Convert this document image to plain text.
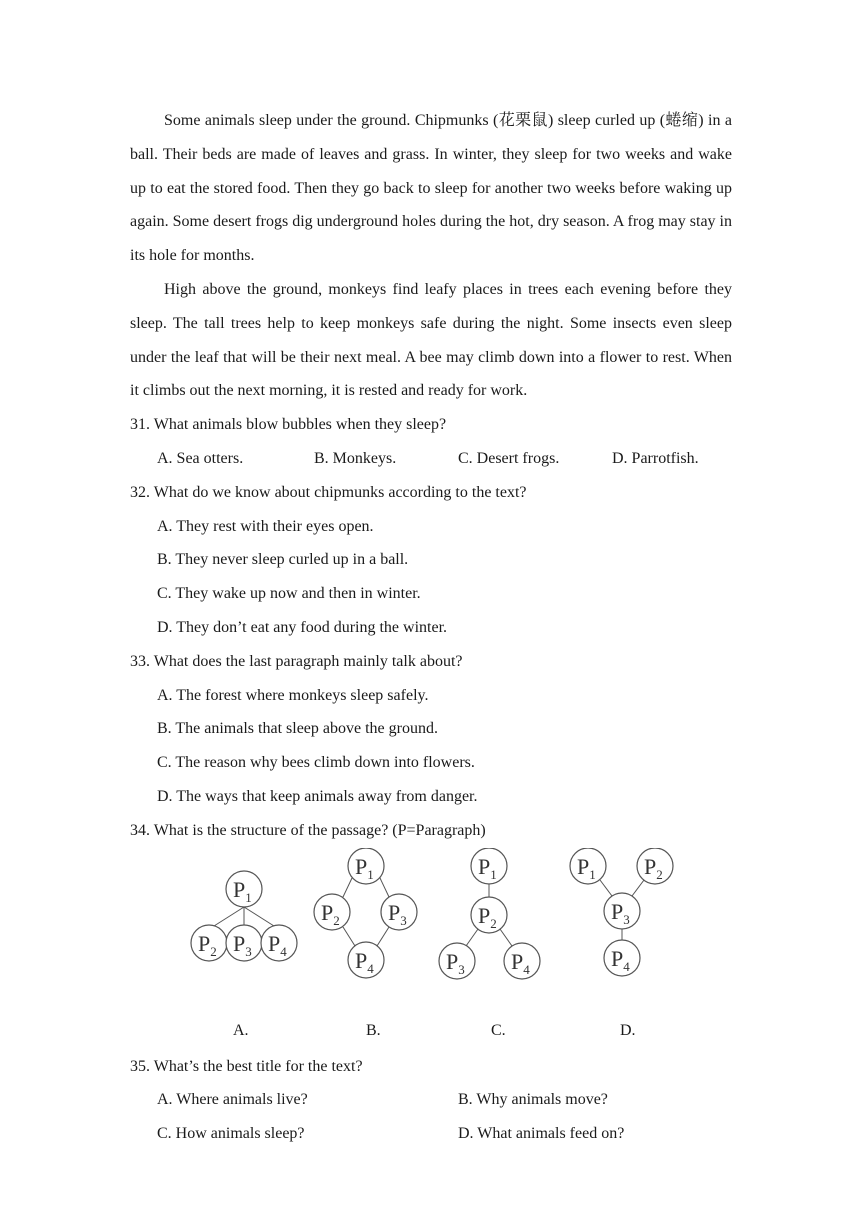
Some animals sleep under the ground. Chipmunks (花栗鼠) sleep curled up (蜷缩) in a ball. Their beds are made of leaves and grass. In winter, they sleep for two weeks and wake up to eat the stored food. Then they go back to sleep for another two weeks before waking up again. Some desert frogs dig underground holes during the hot, dry season. A frog may stay in its hole for months.

High above the ground, monkeys find leafy places in trees each evening before they sleep. The tall trees help to keep monkeys safe during the night. Some insects even sleep under the leaf that will be their next meal. A bee may climb down into a flower to rest. When it climbs out the next morning, it is rested and ready for work.

31. What animals blow bubbles when they sleep?

A. Sea otters.	B. Monkeys.	C. Desert frogs.	D. Parrotfish.

32. What do we know about chipmunks according to the text?

A. They rest with their eyes open.

B. They never sleep curled up in a ball.

C. They wake up now and then in winter.

D. They don’t eat any food during the winter.

33. What does the last paragraph mainly talk about?

A. The forest where monkeys sleep safely.

B. The animals that sleep above the ground.

C. The reason why bees climb down into flowers.

D. The ways that keep animals away from danger.

34. What is the structure of the passage? (P=Paragraph)

$P_1$
$P_2$ $P_3$ $P_4$
$P_1$
$P_2$ $P_3$
$P_4$
$P_1$
$P_2$
$P_3$ $P_4$
$P_1$ $P_2$
$P_3$
$P_4$
A.	B.	C.	D.

35. What’s the best title for the text?

A. Where animals live?	B. Why animals move?
C. How animals sleep?	D. What animals feed on?
